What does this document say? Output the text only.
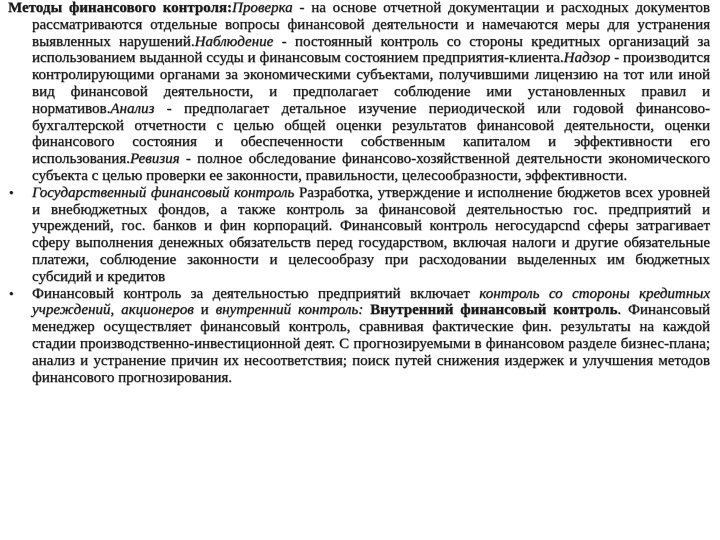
Методы финансового контроля:Проверка - на основе отчетной документации и расходных документов рассматриваются отдельные вопросы финансовой деятельности и намечаются меры для устранения выявленных нарушений.Наблюдение - постоянный контроль со стороны кредитных организаций за использованием выданной ссуды и финансовым состоянием предприятия-клиента.Надзор - производится контролирующими органами за экономическими субъектами, получившими лицензию на тот или иной вид финансовой деятельности, и предполагает соблюдение ими установленных правил и нормативов.Анализ - предполагает детальное изучение периодической или годовой финансово-бухгалтерской отчетности с целью общей оценки результатов финансовой деятельности, оценки финансового состояния и обеспеченности собственным капиталом и эффективности его использования.Ревизия - полное обследование финансово-хозяйственной деятельности экономического субъекта с целью проверки ее законности, правильности, целесообразности, эффективности.

•	Государственный финансовый контроль Разработка, утверждение и исполнение бюджетов всех уровней и внебюджетных фондов, а также контроль за финансовой деятельностью гос. предприятий и учреждений, гос. банков и фин корпораций. Финансовый контроль негосударсnd сферы затрагивает сферу выполнения денежных обязательств перед государством, включая налоги и другие обязательные платежи, соблюдение законности и целесообразу при расходовании выделенных им бюджетных субсидий и кредитов

•	Финансовый контроль за деятельностью предприятий включает контроль со стороны кредитных учреждений, акционеров и внутренний контроль: Внутренний финансовый контроль. Финансовый менеджер осуществляет финансовый контроль, сравнивая фактические фин. результаты на каждой стадии производственно-инвестиционной деят. С прогнозируемыми в финансовом разделе бизнес-плана; анализ и устранение причин их несоответствия; поиск путей снижения издержек и улучшения методов финансового прогнозирования.
